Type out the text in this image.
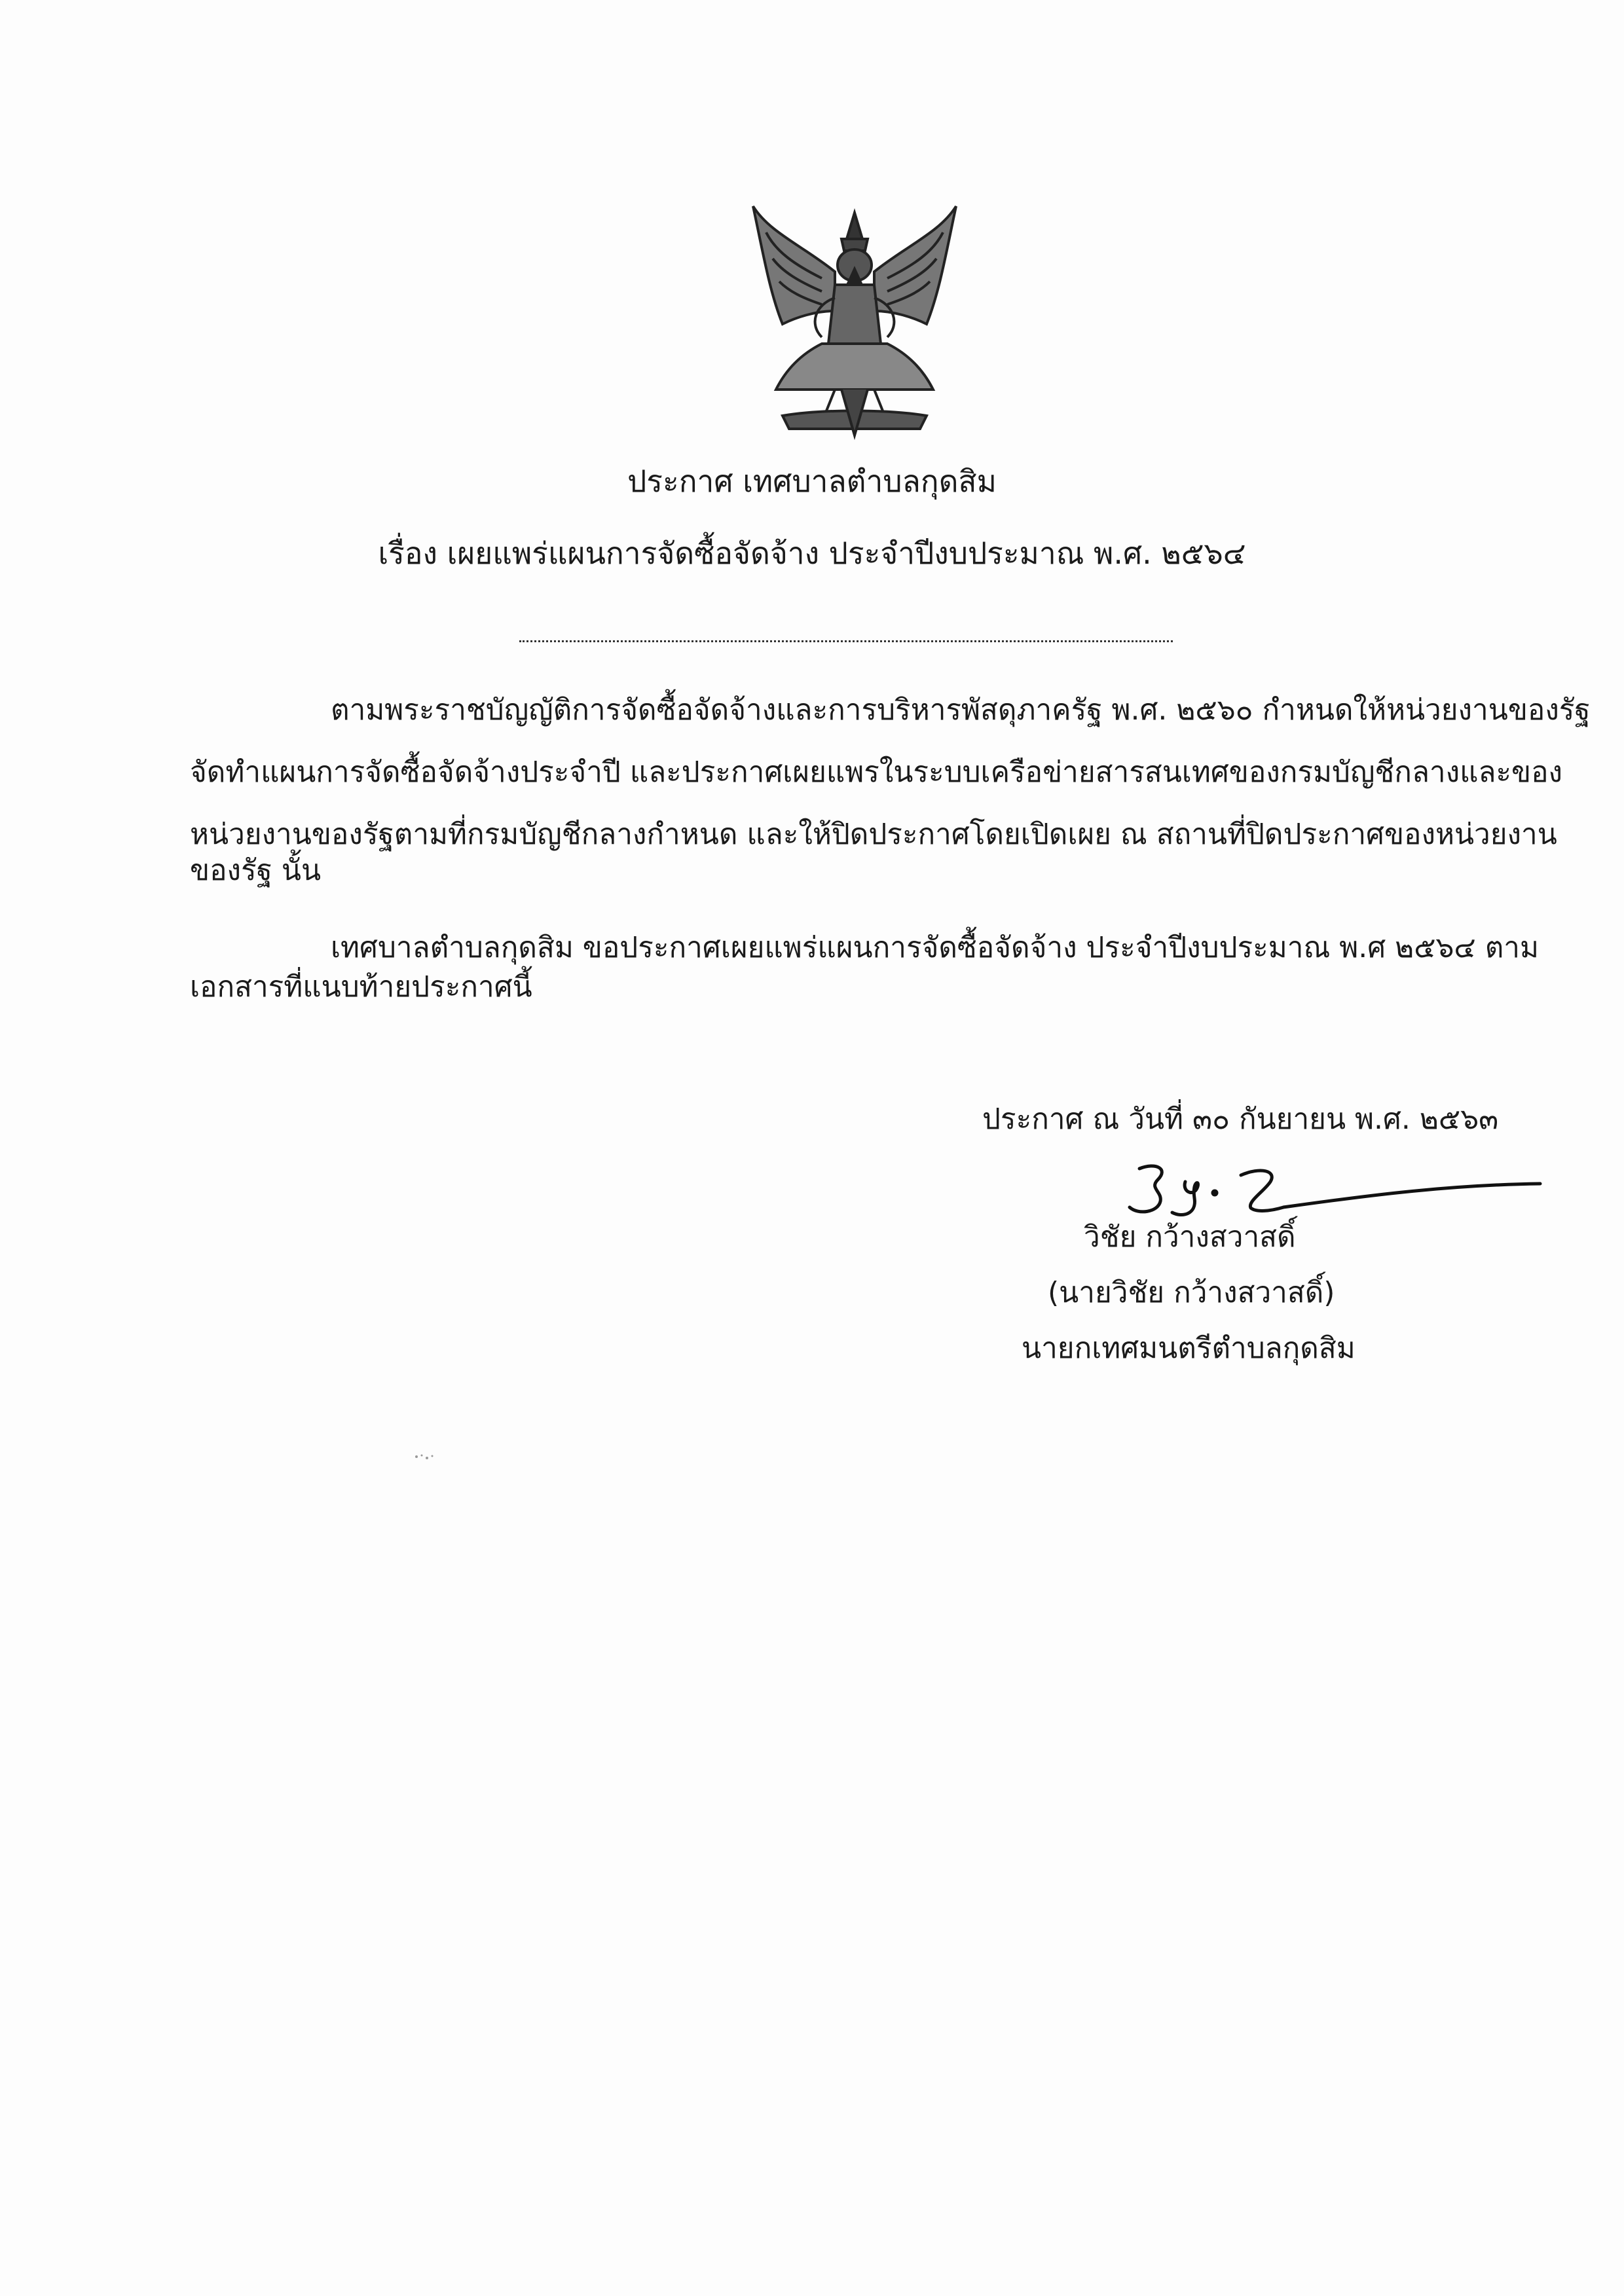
ประกาศ เทศบาลตำบลกุดสิม
เรื่อง เผยแพร่แผนการจัดซื้อจัดจ้าง ประจำปีงบประมาณ พ.ศ. ๒๕๖๔
ตามพระราชบัญญัติการจัดซื้อจัดจ้างและการบริหารพัสดุภาครัฐ พ.ศ. ๒๕๖๐ กำหนดให้หน่วยงานของรัฐ
จัดทำแผนการจัดซื้อจัดจ้างประจำปี และประกาศเผยแพรในระบบเครือข่ายสารสนเทศของกรมบัญชีกลางและของ
หน่วยงานของรัฐตามที่กรมบัญชีกลางกำหนด และให้ปิดประกาศโดยเปิดเผย ณ สถานที่ปิดประกาศของหน่วยงาน
ของรัฐ นั้น
เทศบาลตำบลกุดสิม ขอประกาศเผยแพร่แผนการจัดซื้อจัดจ้าง ประจำปีงบประมาณ พ.ศ ๒๕๖๔ ตาม
เอกสารที่แนบท้ายประกาศนี้
ประกาศ ณ วันที่ ๓๐ กันยายน พ.ศ. ๒๕๖๓
วิชัย กว้างสวาสดิ์
(นายวิชัย กว้างสวาสดิ์)
นายกเทศมนตรีตำบลกุดสิม
